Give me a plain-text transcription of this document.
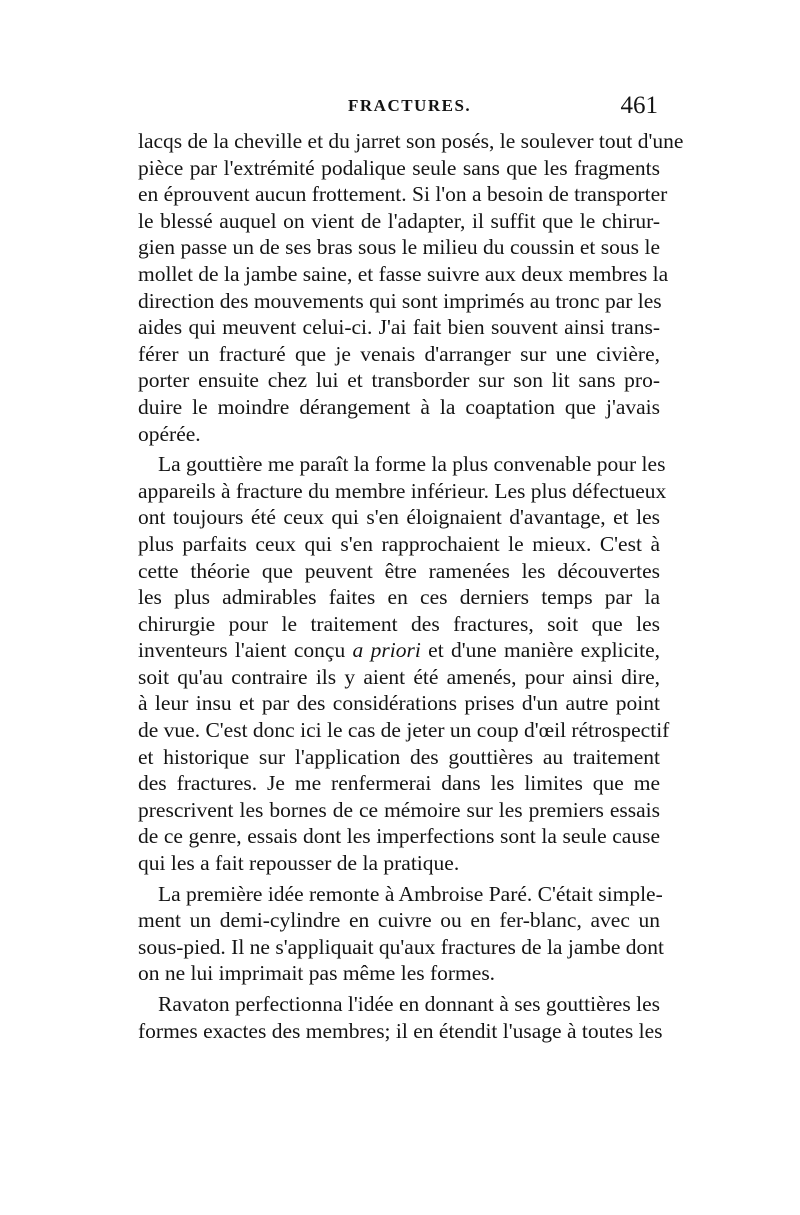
FRACTURES.	461
lacqs de la cheville et du jarret son posés, le soulever tout d'une
pièce par l'extrémité podalique seule sans que les fragments
en éprouvent aucun frottement. Si l'on a besoin de transporter
le blessé auquel on vient de l'adapter, il suffit que le chirur-
gien passe un de ses bras sous le milieu du coussin et sous le
mollet de la jambe saine, et fasse suivre aux deux membres la
direction des mouvements qui sont imprimés au tronc par les
aides qui meuvent celui-ci. J'ai fait bien souvent ainsi trans-
férer un fracturé que je venais d'arranger sur une civière,
porter ensuite chez lui et transborder sur son lit sans pro-
duire le moindre dérangement à la coaptation que j'avais
opérée.
La gouttière me paraît la forme la plus convenable pour les
appareils à fracture du membre inférieur. Les plus défectueux
ont toujours été ceux qui s'en éloignaient d'avantage, et les
plus parfaits ceux qui s'en rapprochaient le mieux. C'est à
cette théorie que peuvent être ramenées les découvertes
les plus admirables faites en ces derniers temps par la
chirurgie pour le traitement des fractures, soit que les
inventeurs l'aient conçu a priori et d'une manière explicite,
soit qu'au contraire ils y aient été amenés, pour ainsi dire,
à leur insu et par des considérations prises d'un autre point
de vue. C'est donc ici le cas de jeter un coup d'œil rétrospectif
et historique sur l'application des gouttières au traitement
des fractures. Je me renfermerai dans les limites que me
prescrivent les bornes de ce mémoire sur les premiers essais
de ce genre, essais dont les imperfections sont la seule cause
qui les a fait repousser de la pratique.
La première idée remonte à Ambroise Paré. C'était simple-
ment un demi-cylindre en cuivre ou en fer-blanc, avec un
sous-pied. Il ne s'appliquait qu'aux fractures de la jambe dont
on ne lui imprimait pas même les formes.
Ravaton perfectionna l'idée en donnant à ses gouttières les
formes exactes des membres; il en étendit l'usage à toutes les
